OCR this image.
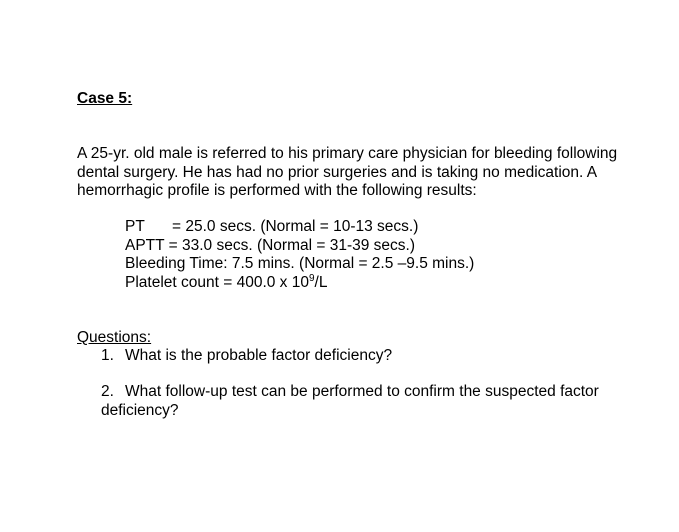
Case 5:
A 25-yr. old male is referred to his primary care physician for bleeding following
dental surgery. He has had no prior surgeries and is taking no medication. A
hemorrhagic profile is performed with the following results:
PT = 25.0 secs. (Normal = 10-13 secs.)
APTT = 33.0 secs. (Normal = 31-39 secs.)
Bleeding Time: 7.5 mins. (Normal = 2.5 –9.5 mins.)
Platelet count = 400.0 x $10^9/L$
Questions:
1. What is the probable factor deficiency?
2. What follow-up test can be performed to confirm the suspected factor
deficiency?
